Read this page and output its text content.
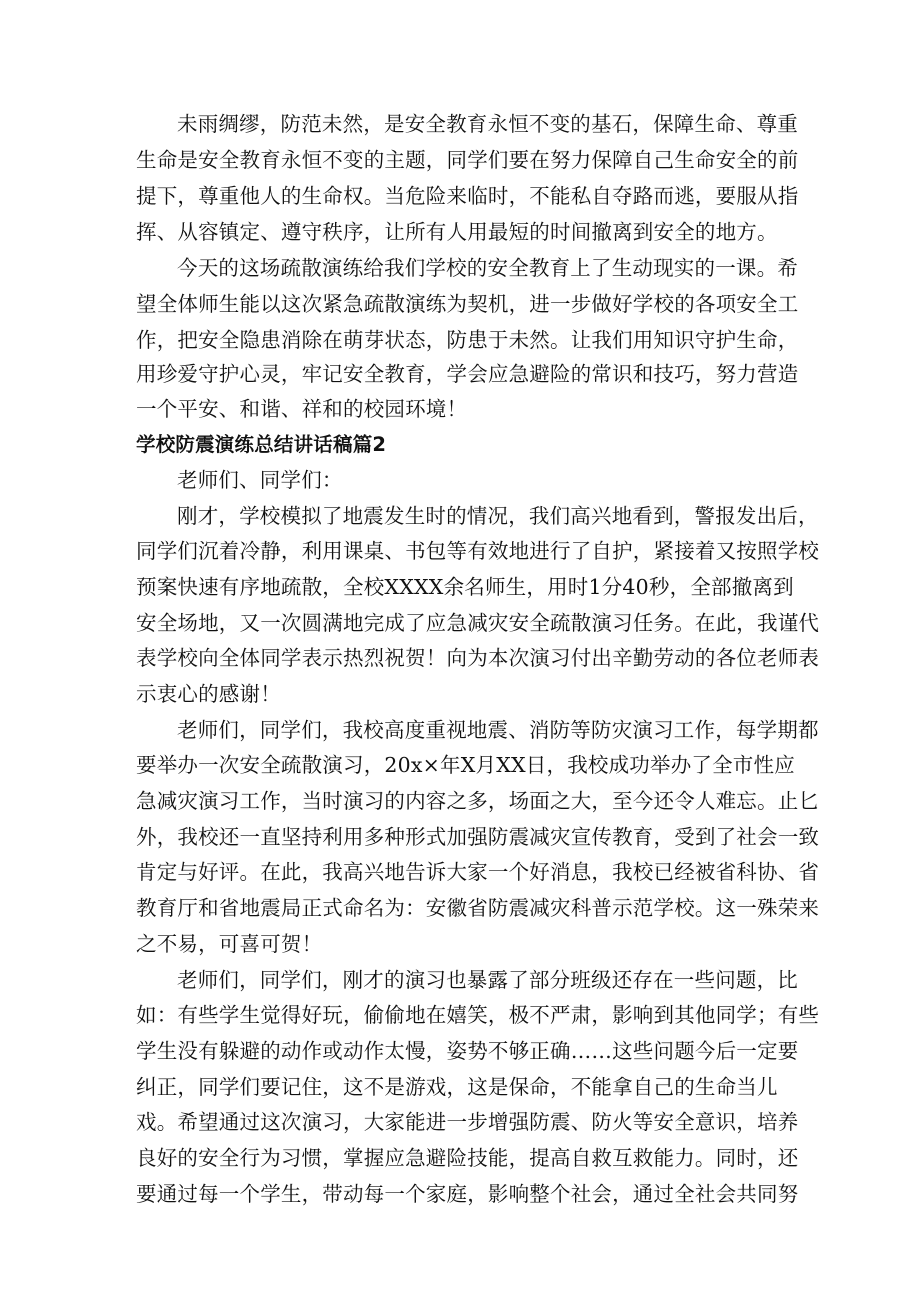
未雨绸缪，防范未然，是安全教育永恒不变的基石，保障生命、尊重
生命是安全教育永恒不变的主题，同学们要在努力保障自己生命安全的前
提下，尊重他人的生命权。当危险来临时，不能私自夺路而逃，要服从指
挥、从容镇定、遵守秩序，让所有人用最短的时间撤离到安全的地方。
今天的这场疏散演练给我们学校的安全教育上了生动现实的一课。希
望全体师生能以这次紧急疏散演练为契机，进一步做好学校的各项安全工
作，把安全隐患消除在萌芽状态，防患于未然。让我们用知识守护生命，
用珍爱守护心灵，牢记安全教育，学会应急避险的常识和技巧，努力营造
一个平安、和谐、祥和的校园环境！
学校防震演练总结讲话稿篇2
老师们、同学们：
刚才，学校模拟了地震发生时的情况，我们高兴地看到，警报发出后，
同学们沉着冷静，利用课桌、书包等有效地进行了自护，紧接着又按照学校
预案快速有序地疏散，全校XXXX余名师生，用时1分40秒，全部撤离到
安全场地，又一次圆满地完成了应急减灾安全疏散演习任务。在此，我谨代
表学校向全体同学表示热烈祝贺！向为本次演习付出辛勤劳动的各位老师表
示衷心的感谢！
老师们，同学们，我校高度重视地震、消防等防灾演习工作，每学期都
要举办一次安全疏散演习，20x×年X月XX日，我校成功举办了全市性应
急减灾演习工作，当时演习的内容之多，场面之大，至今还令人难忘。止匕
外，我校还一直坚持利用多种形式加强防震减灾宣传教育，受到了社会一致
肯定与好评。在此，我高兴地告诉大家一个好消息，我校已经被省科协、省
教育厅和省地震局正式命名为：安徽省防震减灾科普示范学校。这一殊荣来
之不易，可喜可贺！
老师们，同学们，刚才的演习也暴露了部分班级还存在一些问题，比
如：有些学生觉得好玩，偷偷地在嬉笑，极不严肃，影响到其他同学；有些
学生没有躲避的动作或动作太慢，姿势不够正确……这些问题今后一定要
纠正，同学们要记住，这不是游戏，这是保命，不能拿自己的生命当儿
戏。希望通过这次演习，大家能进一步增强防震、防火等安全意识，培养
良好的安全行为习惯，掌握应急避险技能，提高自救互救能力。同时，还
要通过每一个学生，带动每一个家庭，影响整个社会，通过全社会共同努
